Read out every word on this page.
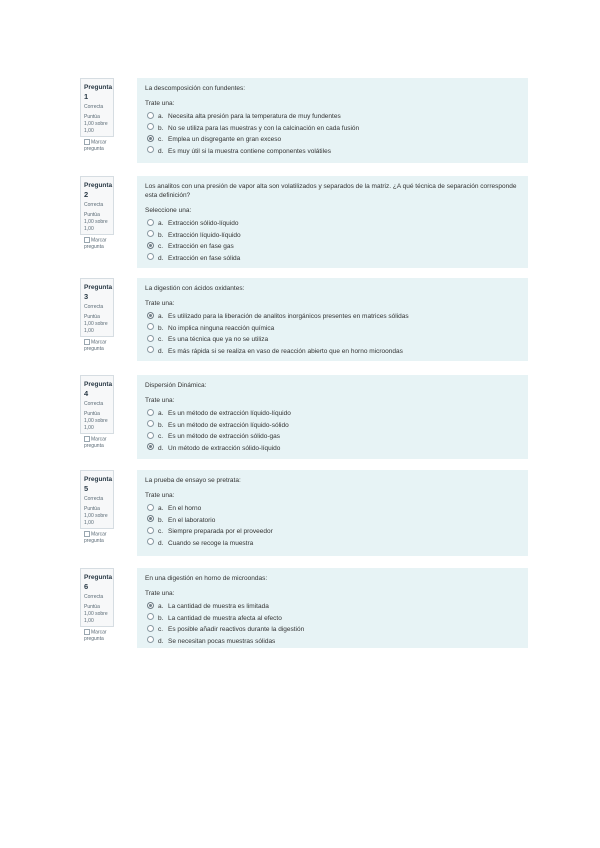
Pregunta 1
Correcta
Puntúa 1,00 sobre 1,00
Marcar pregunta
La descomposición con fundentes:
Trate una:
a. Necesita alta presión para la temperatura de muy fundentes
b. No se utiliza para las muestras y con la calcinación en cada fusión
c. Emplea un disgregante en gran exceso
d. Es muy útil si la muestra contiene componentes volátiles
Pregunta 2
Correcta
Puntúa 1,00 sobre 1,00
Marcar pregunta
Los analitos con una presión de vapor alta son volatilizados y separados de la matriz. ¿A qué técnica de separación corresponde esta definición?
Seleccione una:
a. Extracción sólido-líquido
b. Extracción líquido-líquido
c. Extracción en fase gas
d. Extracción en fase sólida
Pregunta 3
Correcta
Puntúa 1,00 sobre 1,00
Marcar pregunta
La digestión con ácidos oxidantes:
Trate una:
a. Es utilizado para la liberación de analitos inorgánicos presentes en matrices sólidas
b. No implica ninguna reacción química
c. Es una técnica que ya no se utiliza
d. Es más rápida si se realiza en vaso de reacción abierto que en horno microondas
Pregunta 4
Correcta
Puntúa 1,00 sobre 1,00
Marcar pregunta
Dispersión Dinámica:
Trate una:
a. Es un método de extracción líquido-líquido
b. Es un método de extracción líquido-sólido
c. Es un método de extracción sólido-gas
d. Un método de extracción sólido-líquido
Pregunta 5
Correcta
Puntúa 1,00 sobre 1,00
Marcar pregunta
La prueba de ensayo se pretrata:
Trate una:
a. En el horno
b. En el laboratorio
c. Siempre preparada por el proveedor
d. Cuando se recoge la muestra
Pregunta 6
Correcta
Puntúa 1,00 sobre 1,00
Marcar pregunta
En una digestión en horno de microondas:
Trate una:
a. La cantidad de muestra es limitada
b. La cantidad de muestra afecta al efecto
c. Es posible añadir reactivos durante la digestión
d. Se necesitan pocas muestras sólidas
